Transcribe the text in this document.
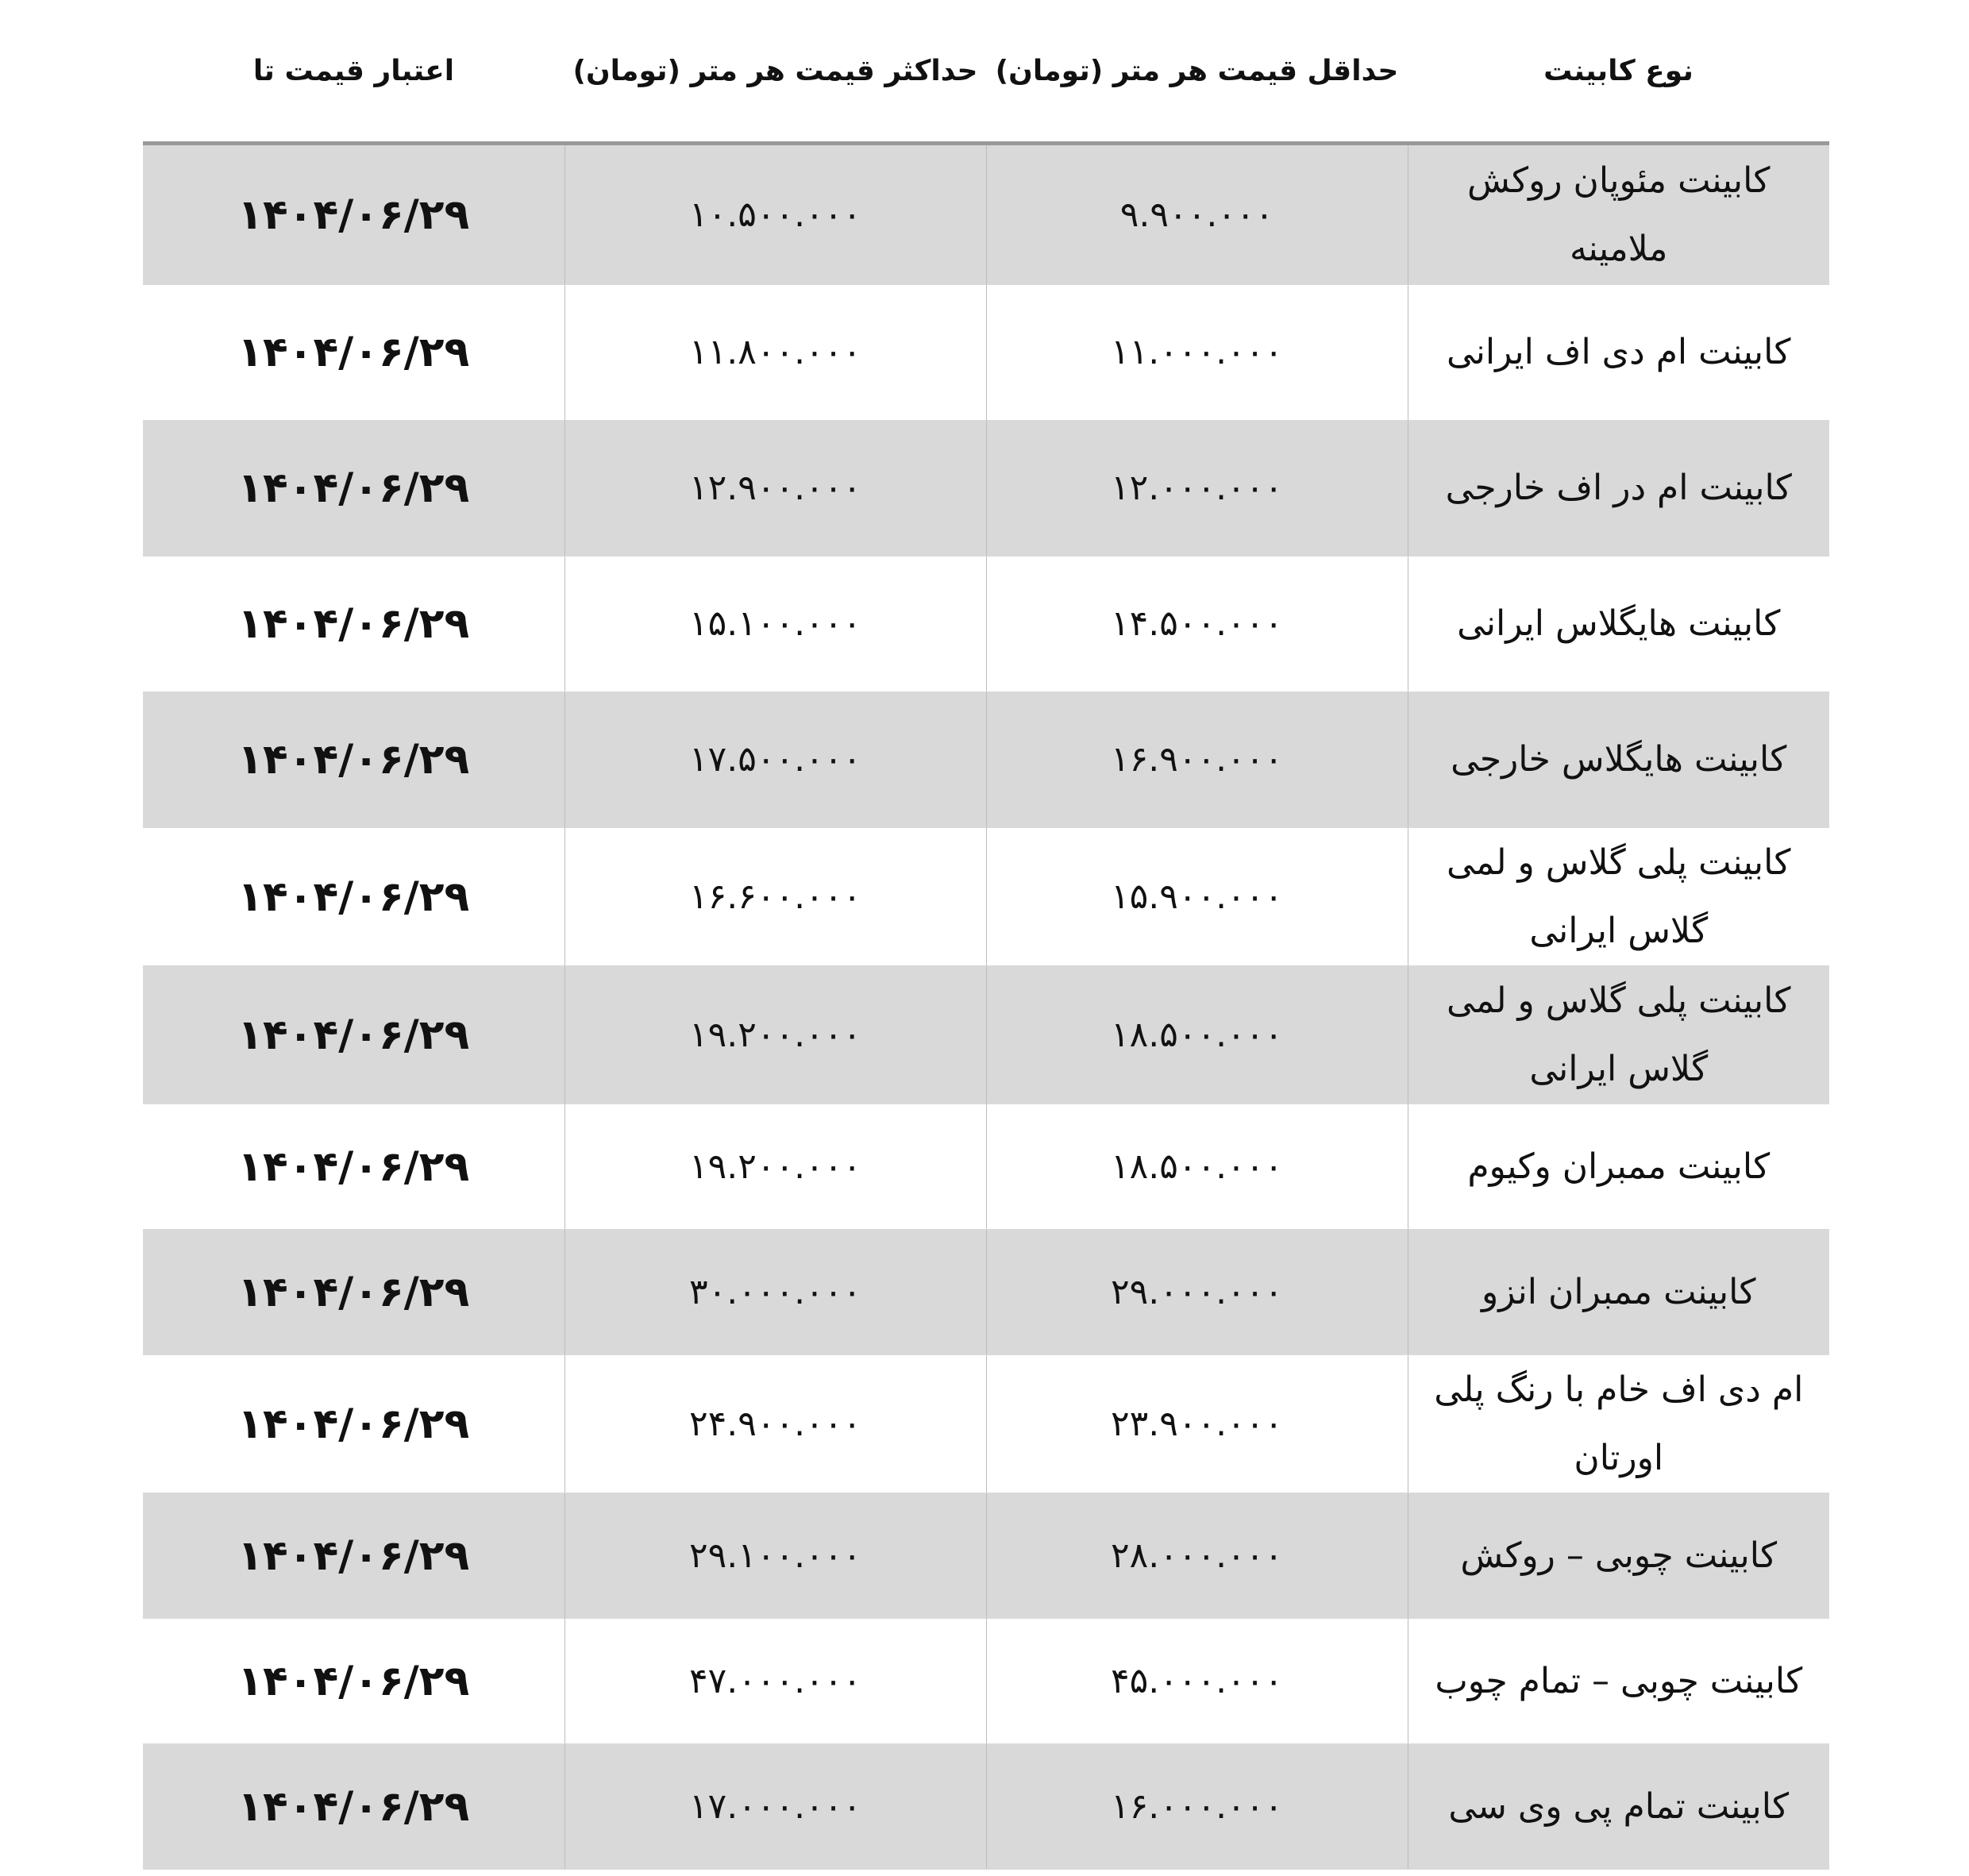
نوع کابینت	حداقل قیمت هر متر (تومان)	حداکثر قیمت هر متر (تومان)	اعتبار قیمت تا
کابینت مئوپان روکش ملامینه	۹.۹۰۰.۰۰۰	۱۰.۵۰۰.۰۰۰	۱۴۰۴/۰۶/۲۹
کابینت ام دی اف ایرانی	۱۱.۰۰۰.۰۰۰	۱۱.۸۰۰.۰۰۰	۱۴۰۴/۰۶/۲۹
کابینت ام در اف خارجی	۱۲.۰۰۰.۰۰۰	۱۲.۹۰۰.۰۰۰	۱۴۰۴/۰۶/۲۹
کابینت هایگلاس ایرانی	۱۴.۵۰۰.۰۰۰	۱۵.۱۰۰.۰۰۰	۱۴۰۴/۰۶/۲۹
کابینت هایگلاس خارجی	۱۶.۹۰۰.۰۰۰	۱۷.۵۰۰.۰۰۰	۱۴۰۴/۰۶/۲۹
کابینت پلی گلاس و لمی گلاس ایرانی	۱۵.۹۰۰.۰۰۰	۱۶.۶۰۰.۰۰۰	۱۴۰۴/۰۶/۲۹
کابینت پلی گلاس و لمی گلاس ایرانی	۱۸.۵۰۰.۰۰۰	۱۹.۲۰۰.۰۰۰	۱۴۰۴/۰۶/۲۹
کابینت ممبران وکیوم	۱۸.۵۰۰.۰۰۰	۱۹.۲۰۰.۰۰۰	۱۴۰۴/۰۶/۲۹
کابینت ممبران انزو	۲۹.۰۰۰.۰۰۰	۳۰.۰۰۰.۰۰۰	۱۴۰۴/۰۶/۲۹
ام دی اف خام با رنگ پلی اورتان	۲۳.۹۰۰.۰۰۰	۲۴.۹۰۰.۰۰۰	۱۴۰۴/۰۶/۲۹
کابینت چوبی – روکش	۲۸.۰۰۰.۰۰۰	۲۹.۱۰۰.۰۰۰	۱۴۰۴/۰۶/۲۹
کابینت چوبی – تمام چوب	۴۵.۰۰۰.۰۰۰	۴۷.۰۰۰.۰۰۰	۱۴۰۴/۰۶/۲۹
کابینت تمام پی وی سی	۱۶.۰۰۰.۰۰۰	۱۷.۰۰۰.۰۰۰	۱۴۰۴/۰۶/۲۹
